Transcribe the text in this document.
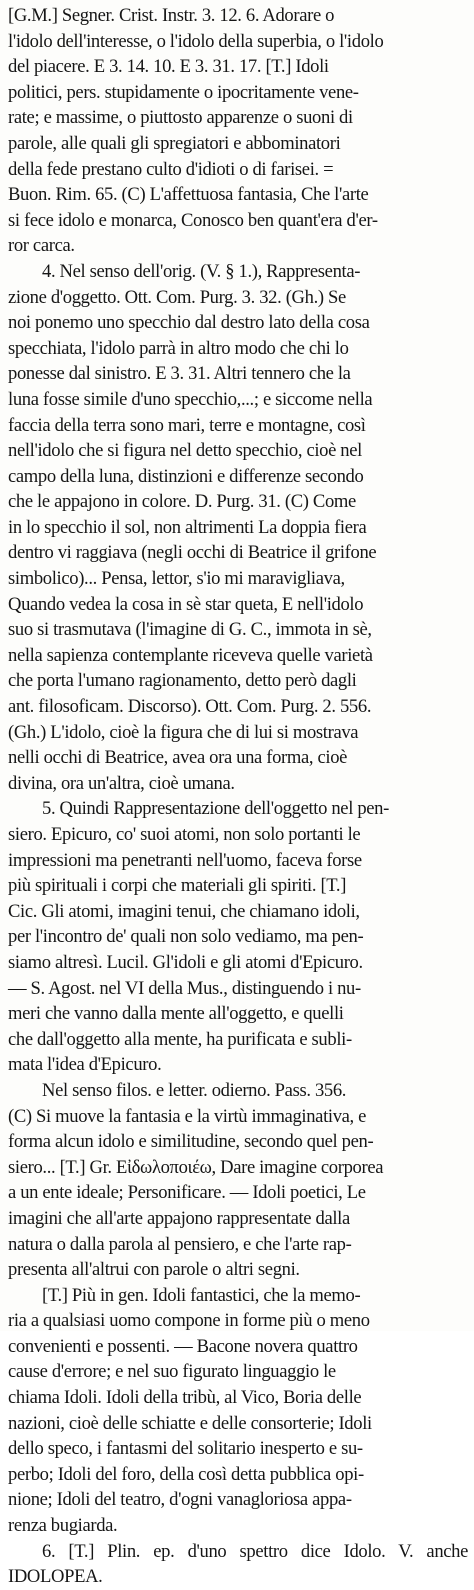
[G.M.] Segner. Crist. Instr. 3. 12. 6. Adorare o
l'idolo dell'interesse, o l'idolo della superbia, o l'idolo
del piacere. E 3. 14. 10. E 3. 31. 17. [T.] Idoli
politici, pers. stupidamente o ipocritamente vene-
rate; e massime, o piuttosto apparenze o suoni di
parole, alle quali gli spregiatori e abbominatori
della fede prestano culto d'idioti o di farisei. =
Buon. Rim. 65. (C) L'affettuosa fantasia, Che l'arte
si fece idolo e monarca, Conosco ben quant'era d'er-
ror carca.
4. Nel senso dell'orig. (V. § 1.), Rappresenta-
zione d'oggetto. Ott. Com. Purg. 3. 32. (Gh.) Se
noi ponemo uno specchio dal destro lato della cosa
specchiata, l'idolo parrà in altro modo che chi lo
ponesse dal sinistro. E 3. 31. Altri tennero che la
luna fosse simile d'uno specchio,...; e siccome nella
faccia della terra sono mari, terre e montagne, così
nell'idolo che si figura nel detto specchio, cioè nel
campo della luna, distinzioni e differenze secondo
che le appajono in colore. D. Purg. 31. (C) Come
in lo specchio il sol, non altrimenti La doppia fiera
dentro vi raggiava (negli occhi di Beatrice il grifone
simbolico)... Pensa, lettor, s'io mi maravigliava,
Quando vedea la cosa in sè star queta, E nell'idolo
suo si trasmutava (l'imagine di G. C., immota in sè,
nella sapienza contemplante riceveva quelle varietà
che porta l'umano ragionamento, detto però dagli
ant. filosoficam. Discorso). Ott. Com. Purg. 2. 556.
(Gh.) L'idolo, cioè la figura che di lui si mostrava
nelli occhi di Beatrice, avea ora una forma, cioè
divina, ora un'altra, cioè umana.
5. Quindi Rappresentazione dell'oggetto nel pen-
siero. Epicuro, co' suoi atomi, non solo portanti le
impressioni ma penetranti nell'uomo, faceva forse
più spirituali i corpi che materiali gli spiriti. [T.]
Cic. Gli atomi, imagini tenui, che chiamano idoli,
per l'incontro de' quali non solo vediamo, ma pen-
siamo altresì. Lucil. Gl'idoli e gli atomi d'Epicuro.
— S. Agost. nel VI della Mus., distinguendo i nu-
meri che vanno dalla mente all'oggetto, e quelli
che dall'oggetto alla mente, ha purificata e subli-
mata l'idea d'Epicuro.
Nel senso filos. e letter. odierno. Pass. 356.
(C) Si muove la fantasia e la virtù immaginativa, e
forma alcun idolo e similitudine, secondo quel pen-
siero... [T.] Gr. Εἰδωλοποιέω, Dare imagine corporea
a un ente ideale; Personificare. — Idoli poetici, Le
imagini che all'arte appajono rappresentate dalla
natura o dalla parola al pensiero, e che l'arte rap-
presenta all'altrui con parole o altri segni.
[T.] Più in gen. Idoli fantastici, che la memo-
ria a qualsiasi uomo compone in forme più o meno
convenienti e possenti. — Bacone novera quattro
cause d'errore; e nel suo figurato linguaggio le
chiama Idoli. Idoli della tribù, al Vico, Boria delle
nazioni, cioè delle schiatte e delle consorterie; Idoli
dello speco, i fantasmi del solitario inesperto e su-
perbo; Idoli del foro, della così detta pubblica opi-
nione; Idoli del teatro, d'ogni vanagloriosa appa-
renza bugiarda.
6. [T.] Plin. ep. d'uno spettro dice Idolo. V. anche
IDOLOPEA.
